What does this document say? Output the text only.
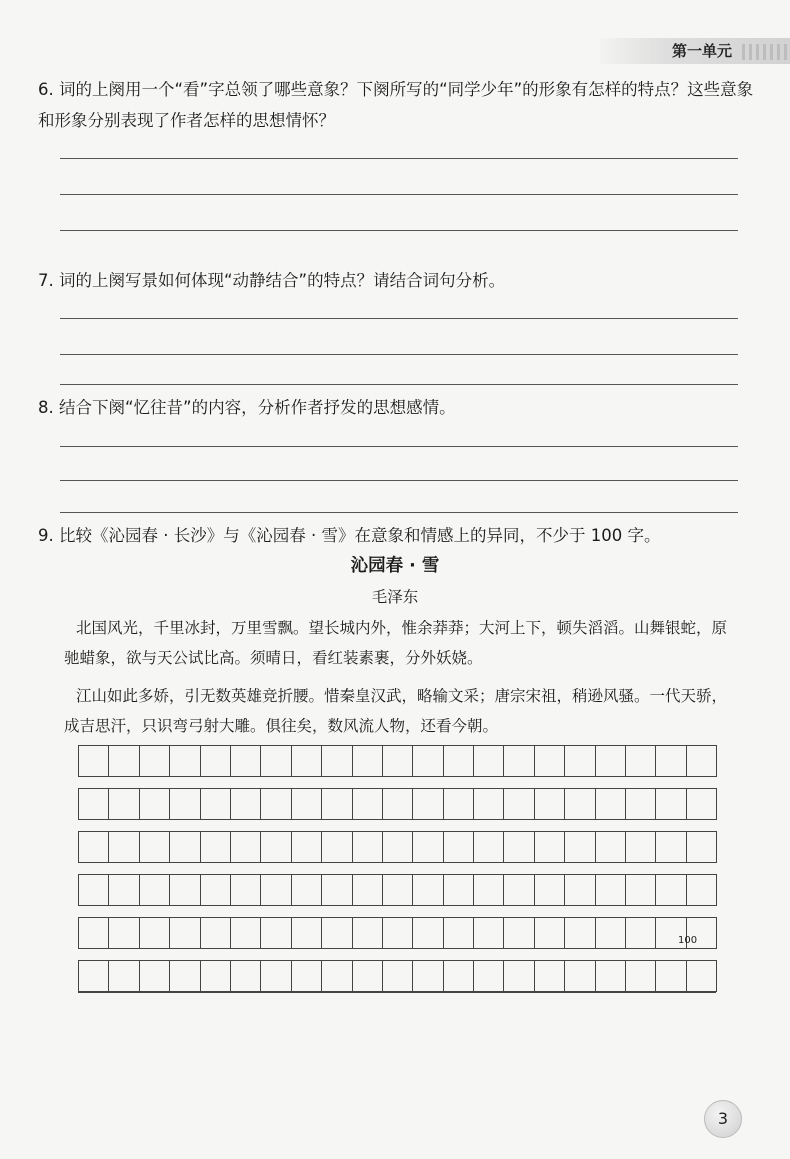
第一单元
6. 词的上阕用一个“看”字总领了哪些意象？下阕所写的“同学少年”的形象有怎样的特点？这些意象和形象分别表现了作者怎样的思想情怀？
7. 词的上阕写景如何体现“动静结合”的特点？请结合词句分析。
8. 结合下阕“忆往昔”的内容，分析作者抒发的思想感情。
9. 比较《沁园春 · 长沙》与《沁园春 · 雪》在意象和情感上的异同，不少于 100 字。
沁园春 · 雪
毛泽东
北国风光，千里冰封，万里雪飘。望长城内外，惟余莽莽；大河上下，顿失滔滔。山舞银蛇，原驰蜡象，欲与天公试比高。须晴日，看红装素裹，分外妖娆。
江山如此多娇，引无数英雄竞折腰。惜秦皇汉武，略输文采；唐宗宋祖，稍逊风骚。一代天骄，成吉思汗，只识弯弓射大雕。俱往矣，数风流人物，还看今朝。
100
3
